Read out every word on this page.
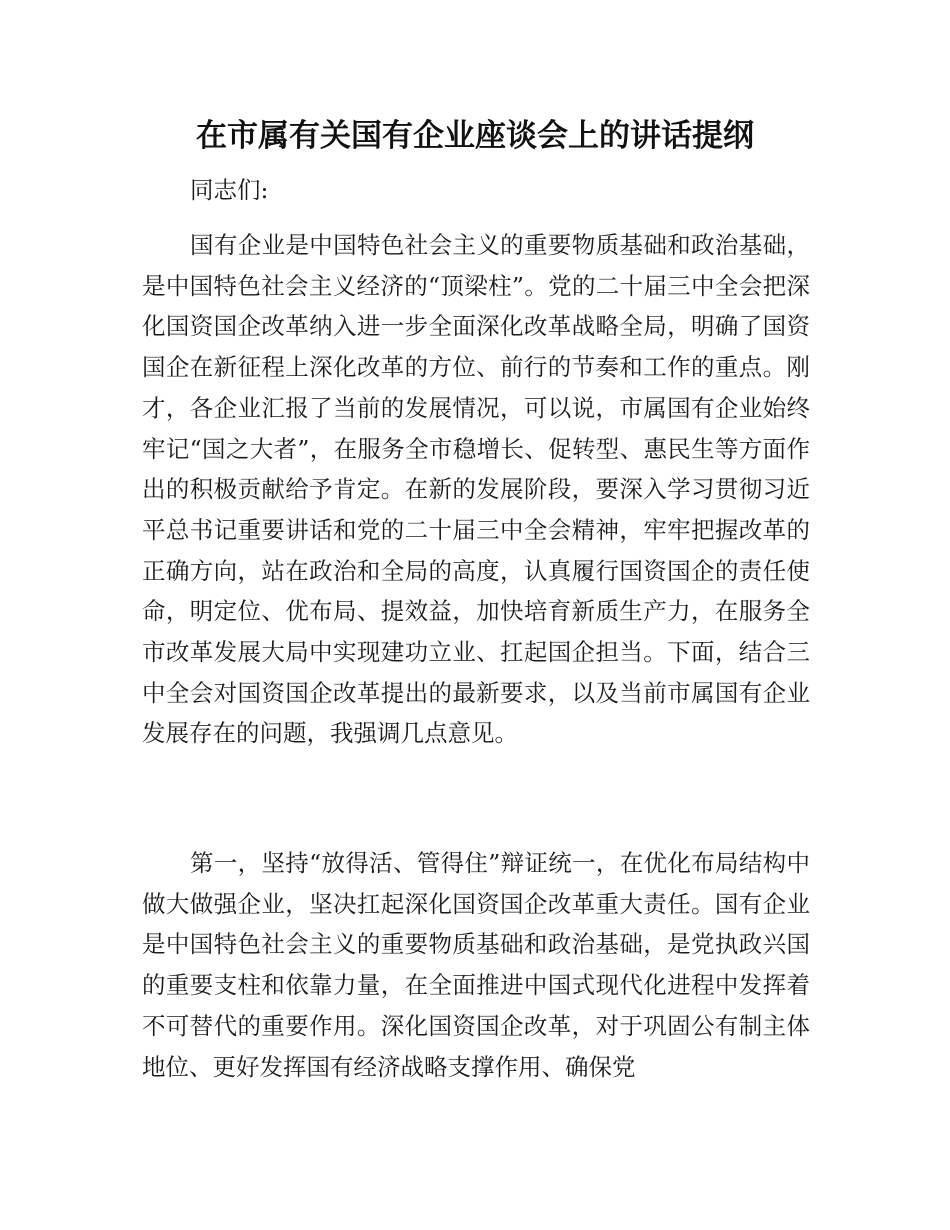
在市属有关国有企业座谈会上的讲话提纲

同志们:

国有企业是中国特色社会主义的重要物质基础和政治基础，是中国特色社会主义经济的“顶梁柱”。党的二十届三中全会把深化国资国企改革纳入进一步全面深化改革战略全局，明确了国资国企在新征程上深化改革的方位、前行的节奏和工作的重点。刚才，各企业汇报了当前的发展情况，可以说，市属国有企业始终牢记“国之大者”，在服务全市稳增长、促转型、惠民生等方面作出的积极贡献给予肯定。在新的发展阶段，要深入学习贯彻习近平总书记重要讲话和党的二十届三中全会精神，牢牢把握改革的正确方向，站在政治和全局的高度，认真履行国资国企的责任使命，明定位、优布局、提效益，加快培育新质生产力，在服务全市改革发展大局中实现建功立业、扛起国企担当。下面，结合三中全会对国资国企改革提出的最新要求，以及当前市属国有企业发展存在的问题，我强调几点意见。

第一，坚持“放得活、管得住”辩证统一，在优化布局结构中做大做强企业，坚决扛起深化国资国企改革重大责任。国有企业是中国特色社会主义的重要物质基础和政治基础，是党执政兴国的重要支柱和依靠力量，在全面推进中国式现代化进程中发挥着不可替代的重要作用。深化国资国企改革，对于巩固公有制主体地位、更好发挥国有经济战略支撑作用、确保党
